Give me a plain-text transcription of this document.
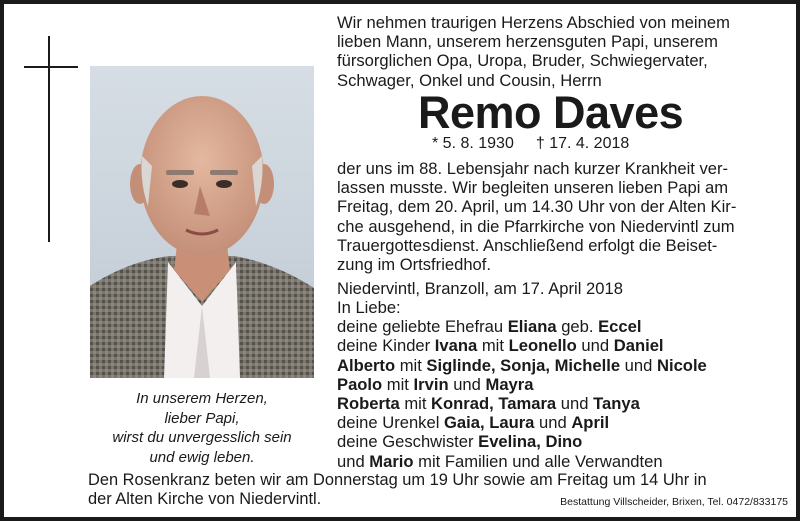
In unserem Herzen,
lieber Papi,
wirst du unvergesslich sein
und ewig leben.
Wir nehmen traurigen Herzens Abschied von meinem
lieben Mann, unserem herzensguten Papi, unserem
fürsorglichen Opa, Uropa, Bruder, Schwiegervater,
Schwager, Onkel und Cousin, Herrn
Remo Daves
* 5. 8. 1930 † 17. 4. 2018
der uns im 88. Lebensjahr nach kurzer Krankheit ver-
lassen musste. Wir begleiten unseren lieben Papi am
Freitag, dem 20. April, um 14.30 Uhr von der Alten Kir-
che ausgehend, in die Pfarrkirche von Niedervintl zum
Trauergottesdienst. Anschließend erfolgt die Beiset-
zung im Ortsfriedhof.
Niedervintl, Branzoll, am 17. April 2018
In Liebe:
deine geliebte Ehefrau Eliana geb. Eccel
deine Kinder Ivana mit Leonello und Daniel
Alberto mit Siglinde, Sonja, Michelle und Nicole
Paolo mit Irvin und Mayra
Roberta mit Konrad, Tamara und Tanya
deine Urenkel Gaia, Laura und April
deine Geschwister Evelina, Dino
und Mario mit Familien und alle Verwandten
Den Rosenkranz beten wir am Donnerstag um 19 Uhr sowie am Freitag um 14 Uhr in
der Alten Kirche von Niedervintl.	Bestattung Villscheider, Brixen, Tel. 0472/833175
